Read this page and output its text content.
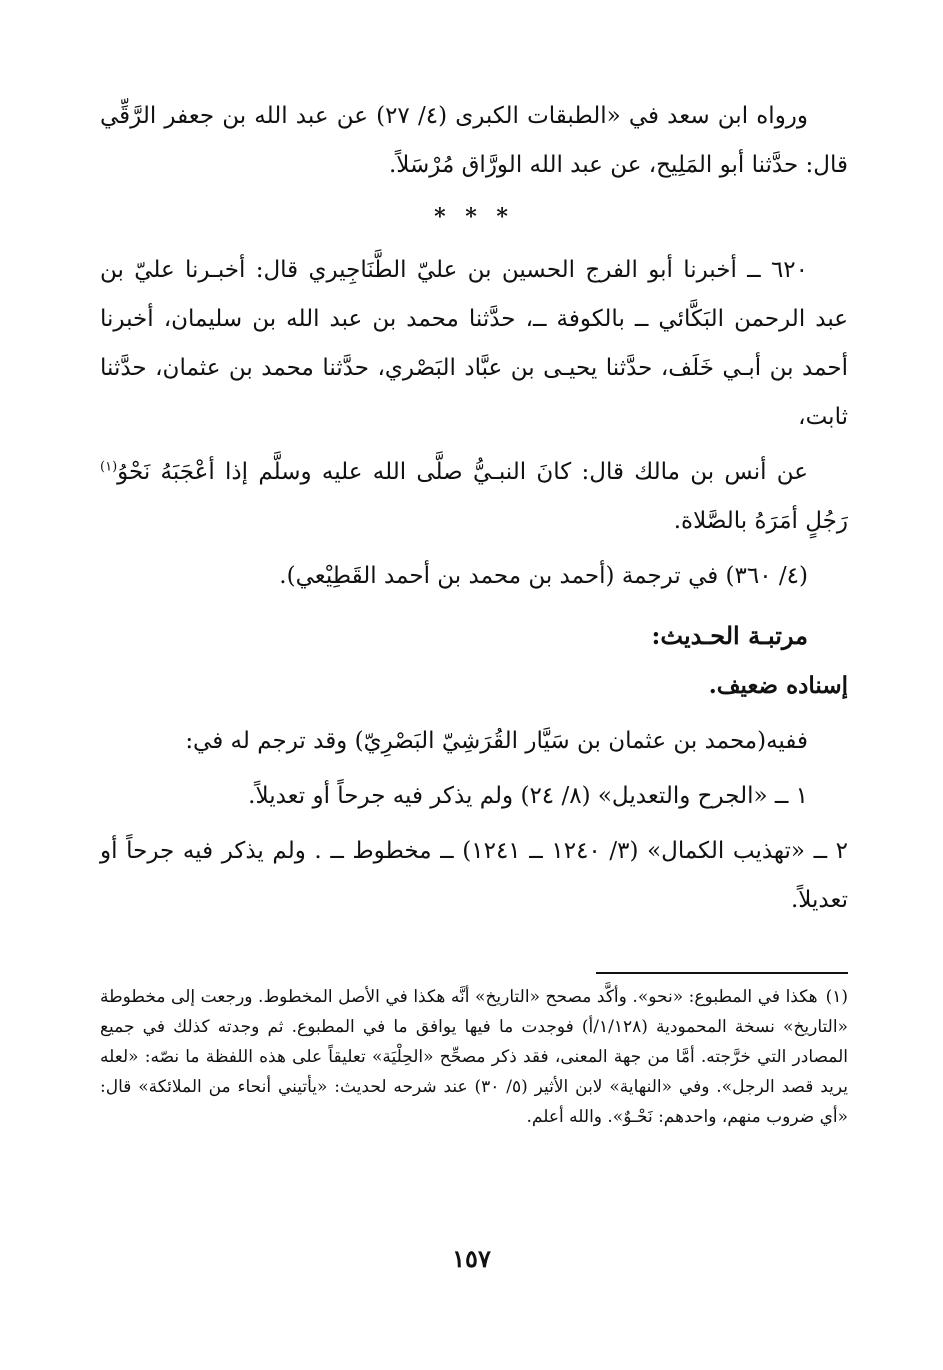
ورواه ابن سعد في «الطبقات الكبرى (٤/ ٢٧) عن عبد الله بن جعفر الرَّقِّي قال: حدَّثنا أبو المَلِيح، عن عبد الله الورَّاق مُرْسَلاً.

* * *

٦٢٠ ــ أخبرنا أبو الفرج الحسين بن عليّ الطَّنَاجِيري قال: أخبـرنا عليّ بن عبد الرحمن البَكَّائي ــ بالكوفة ــ، حدَّثنا محمد بن عبد الله بن سليمان، أخبرنا أحمد بن أبـي خَلَف، حدَّثنا يحيـى بن عبَّاد البَصْري، حدَّثنا محمد بن عثمان، حدَّثنا ثابت،

عن أنس بن مالك قال: كانَ النبـيُّ صلَّى الله عليه وسلَّم إذا أعْجَبَهُ نَحْوُ$^{(١)}$ رَجُلٍ أمَرَهُ بالصَّلاة.

(٤/ ٣٦٠) في ترجمة (أحمد بن محمد بن أحمد القَطِيْعي).

مرتبـة الحـديث:

إسناده ضعيف.

ففيه(محمد بن عثمان بن سَيَّار القُرَشِيّ البَصْرِيّ) وقد ترجم له في:

١ ــ «الجرح والتعديل» (٨/ ٢٤) ولم يذكر فيه جرحاً أو تعديلاً.

٢ ــ «تهذيب الكمال» (٣/ ١٢٤٠ ــ ١٢٤١) ــ مخطوط ــ . ولم يذكر فيه جرحاً أو تعديلاً.

(١)هكذا في المطبوع: «نحو». وأكَّد مصحح «التاريخ» أنَّه هكذا في الأصل المخطوط. ورجعت إلى مخطوطة «التاريخ» نسخة المحمودية (١/١٢٨/أ) فوجدت ما فيها يوافق ما في المطبوع. ثم وجدته كذلك في جميع المصادر التي خرَّجته. أمَّا من جهة المعنى، فقد ذكر مصحِّح «الحِلْيَة» تعليقاً على هذه اللفظة ما نصّه: «لعله يريد قصد الرجل». وفي «النهاية» لابن الأثير (٥/ ٣٠) عند شرحه لحديث: «يأتيني أنحاء من الملائكة» قال: «أي ضروب منهم، واحدهم: نَحْـوٌ». والله أعلم.
١٥٧
